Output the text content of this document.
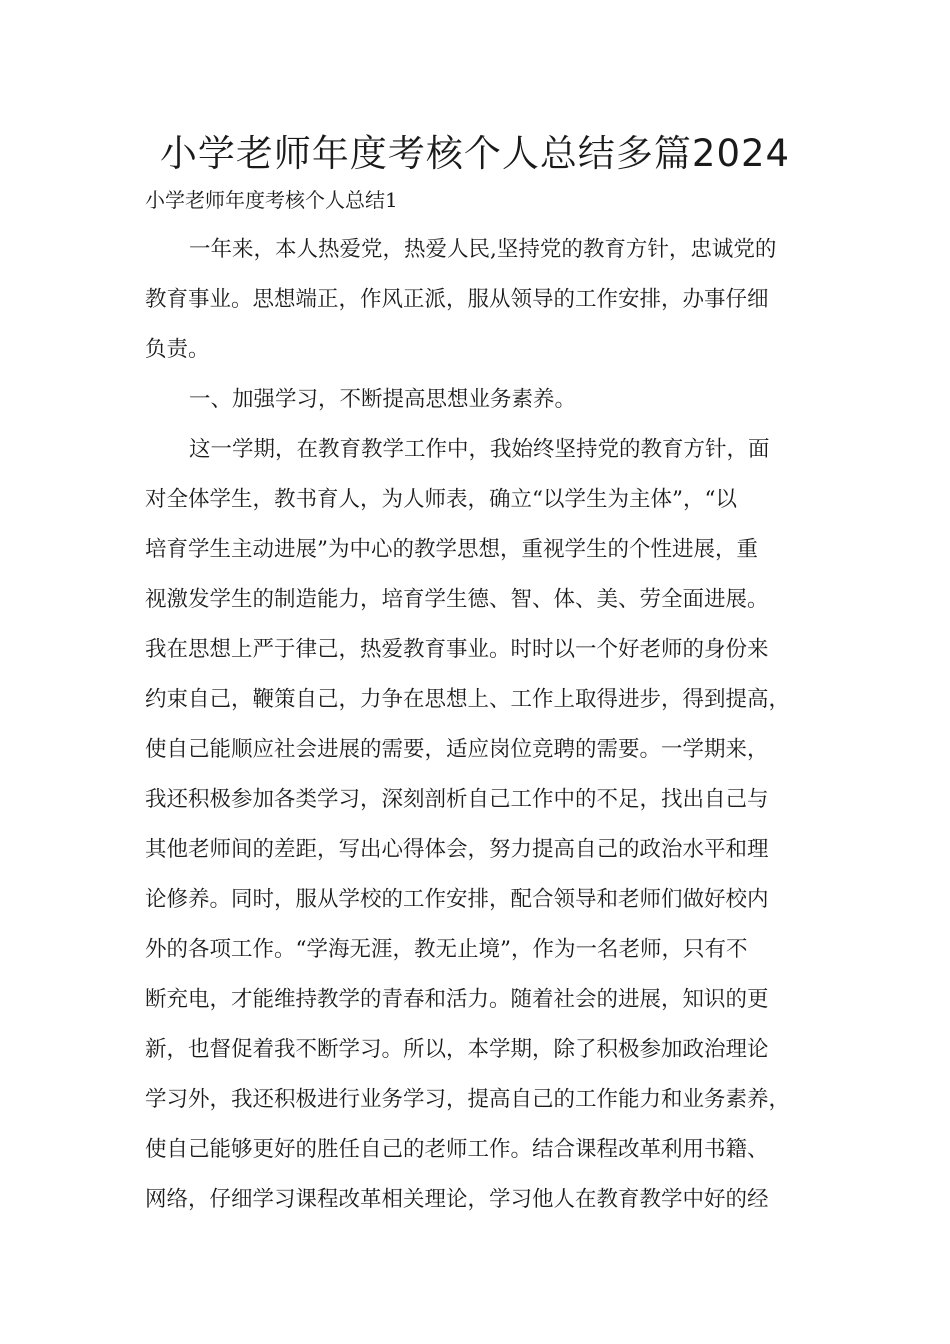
小学老师年度考核个人总结多篇2024

小学老师年度考核个人总结1

一年来，本人热爱党，热爱人民,坚持党的教育方针，忠诚党的

教育事业。思想端正，作风正派，服从领导的工作安排，办事仔细

负责。

一、加强学习，不断提高思想业务素养。

这一学期，在教育教学工作中，我始终坚持党的教育方针，面

对全体学生，教书育人，为人师表，确立“以学生为主体”，“以

培育学生主动进展”为中心的教学思想，重视学生的个性进展，重

视激发学生的制造能力，培育学生德、智、体、美、劳全面进展。

我在思想上严于律己，热爱教育事业。时时以一个好老师的身份来

约束自己，鞭策自己，力争在思想上、工作上取得进步，得到提高，

使自己能顺应社会进展的需要，适应岗位竞聘的需要。一学期来，

我还积极参加各类学习，深刻剖析自己工作中的不足，找出自己与

其他老师间的差距，写出心得体会，努力提高自己的政治水平和理

论修养。同时，服从学校的工作安排，配合领导和老师们做好校内

外的各项工作。“学海无涯，教无止境”，作为一名老师，只有不

断充电，才能维持教学的青春和活力。随着社会的进展，知识的更

新，也督促着我不断学习。所以，本学期，除了积极参加政治理论

学习外，我还积极进行业务学习，提高自己的工作能力和业务素养，

使自己能够更好的胜任自己的老师工作。结合课程改革利用书籍、

网络，仔细学习课程改革相关理论，学习他人在教育教学中好的经
